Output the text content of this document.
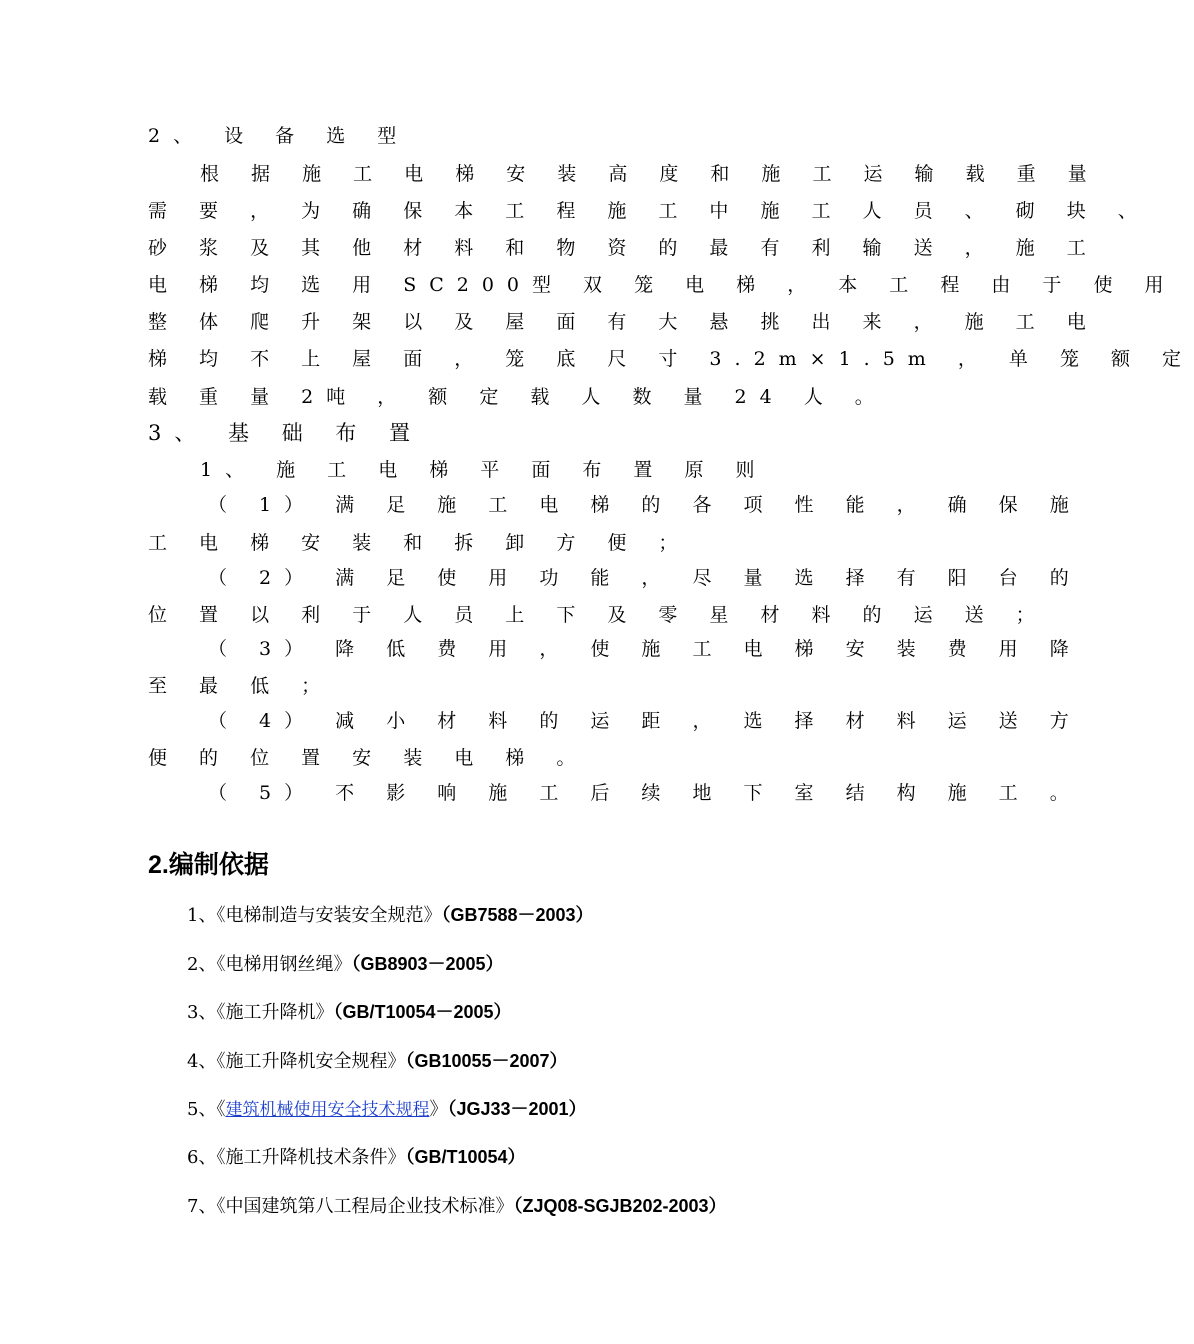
2、 设 备 选 型
根 据 施 工 电 梯 安 装 高 度 和 施 工 运 输 载 重 量
需 要 ， 为 确 保 本 工 程 施 工 中 施 工 人 员 、 砌 块 、
砂 浆 及 其 他 材 料 和 物 资 的 最 有 利 输 送 ， 施 工
电 梯 均 选 用 SC200型 双 笼 电 梯 ， 本 工 程 由 于 使 用
整 体 爬 升 架 以 及 屋 面 有 大 悬 挑 出 来 ， 施 工 电
梯 均 不 上 屋 面 ， 笼 底 尺 寸 3.2m×1.5m ， 单 笼 额 定
载 重 量 2吨 ， 额 定 载 人 数 量 24 人 。
3、 基 础 布 置
1、 施 工 电 梯 平 面 布 置 原 则
（ 1） 满 足 施 工 电 梯 的 各 项 性 能 ， 确 保 施
工 电 梯 安 装 和 拆 卸 方 便 ；
（ 2） 满 足 使 用 功 能 ， 尽 量 选 择 有 阳 台 的
位 置 以 利 于 人 员 上 下 及 零 星 材 料 的 运 送 ；
（ 3） 降 低 费 用 ， 使 施 工 电 梯 安 装 费 用 降
至 最 低 ；
（ 4） 减 小 材 料 的 运 距 ， 选 择 材 料 运 送 方
便 的 位 置 安 装 电 梯 。
（ 5） 不 影 响 施 工 后 续 地 下 室 结 构 施 工 。
2.编制依据
1、《电梯制造与安装安全规范》（GB7588－2003）
2、《电梯用钢丝绳》（GB8903－2005）
3、《施工升降机》（GB/T10054－2005）
4、《施工升降机安全规程》（GB10055－2007）
5、《建筑机械使用安全技术规程》（JGJ33－2001）
6、《施工升降机技术条件》（GB/T10054）
7、《中国建筑第八工程局企业技术标准》（ZJQ08-SGJB202-2003）
